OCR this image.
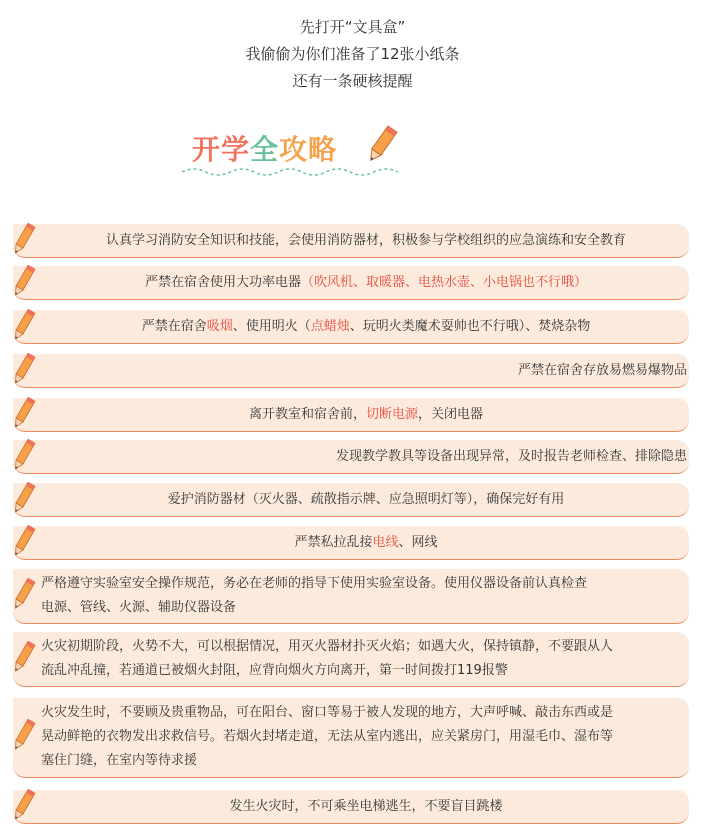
先打开“文具盒”
我偷偷为你们准备了12张小纸条
还有一条硬核提醒
开学全攻略
认真学习消防安全知识和技能，会使用消防器材，积极参与学校组织的应急演练和安全教育
严禁在宿舍使用大功率电器（吹风机、取暖器、电热水壶、小电锅也不行哦）
严禁在宿舍吸烟、使用明火（点蜡烛、玩明火类魔术耍帅也不行哦）、焚烧杂物
严禁在宿舍存放易燃易爆物品
离开教室和宿舍前，切断电源，关闭电器
发现教学教具等设备出现异常，及时报告老师检查、排除隐患
爱护消防器材（灭火器、疏散指示牌、应急照明灯等），确保完好有用
严禁私拉乱接电线、网线
严格遵守实验室安全操作规范，务必在老师的指导下使用实验室设备。使用仪器设备前认真检查
电源、管线、火源、辅助仪器设备
火灾初期阶段，火势不大，可以根据情况，用灭火器材扑灭火焰；如遇大火，保持镇静，不要跟从人
流乱冲乱撞，若通道已被烟火封阻，应背向烟火方向离开，第一时间拨打119报警
火灾发生时，不要顾及贵重物品，可在阳台、窗口等易于被人发现的地方，大声呼喊、敲击东西或是
晃动鲜艳的衣物发出求救信号。若烟火封堵走道，无法从室内逃出，应关紧房门，用湿毛巾、湿布等
塞住门缝，在室内等待求援
发生火灾时，不可乘坐电梯逃生，不要盲目跳楼
